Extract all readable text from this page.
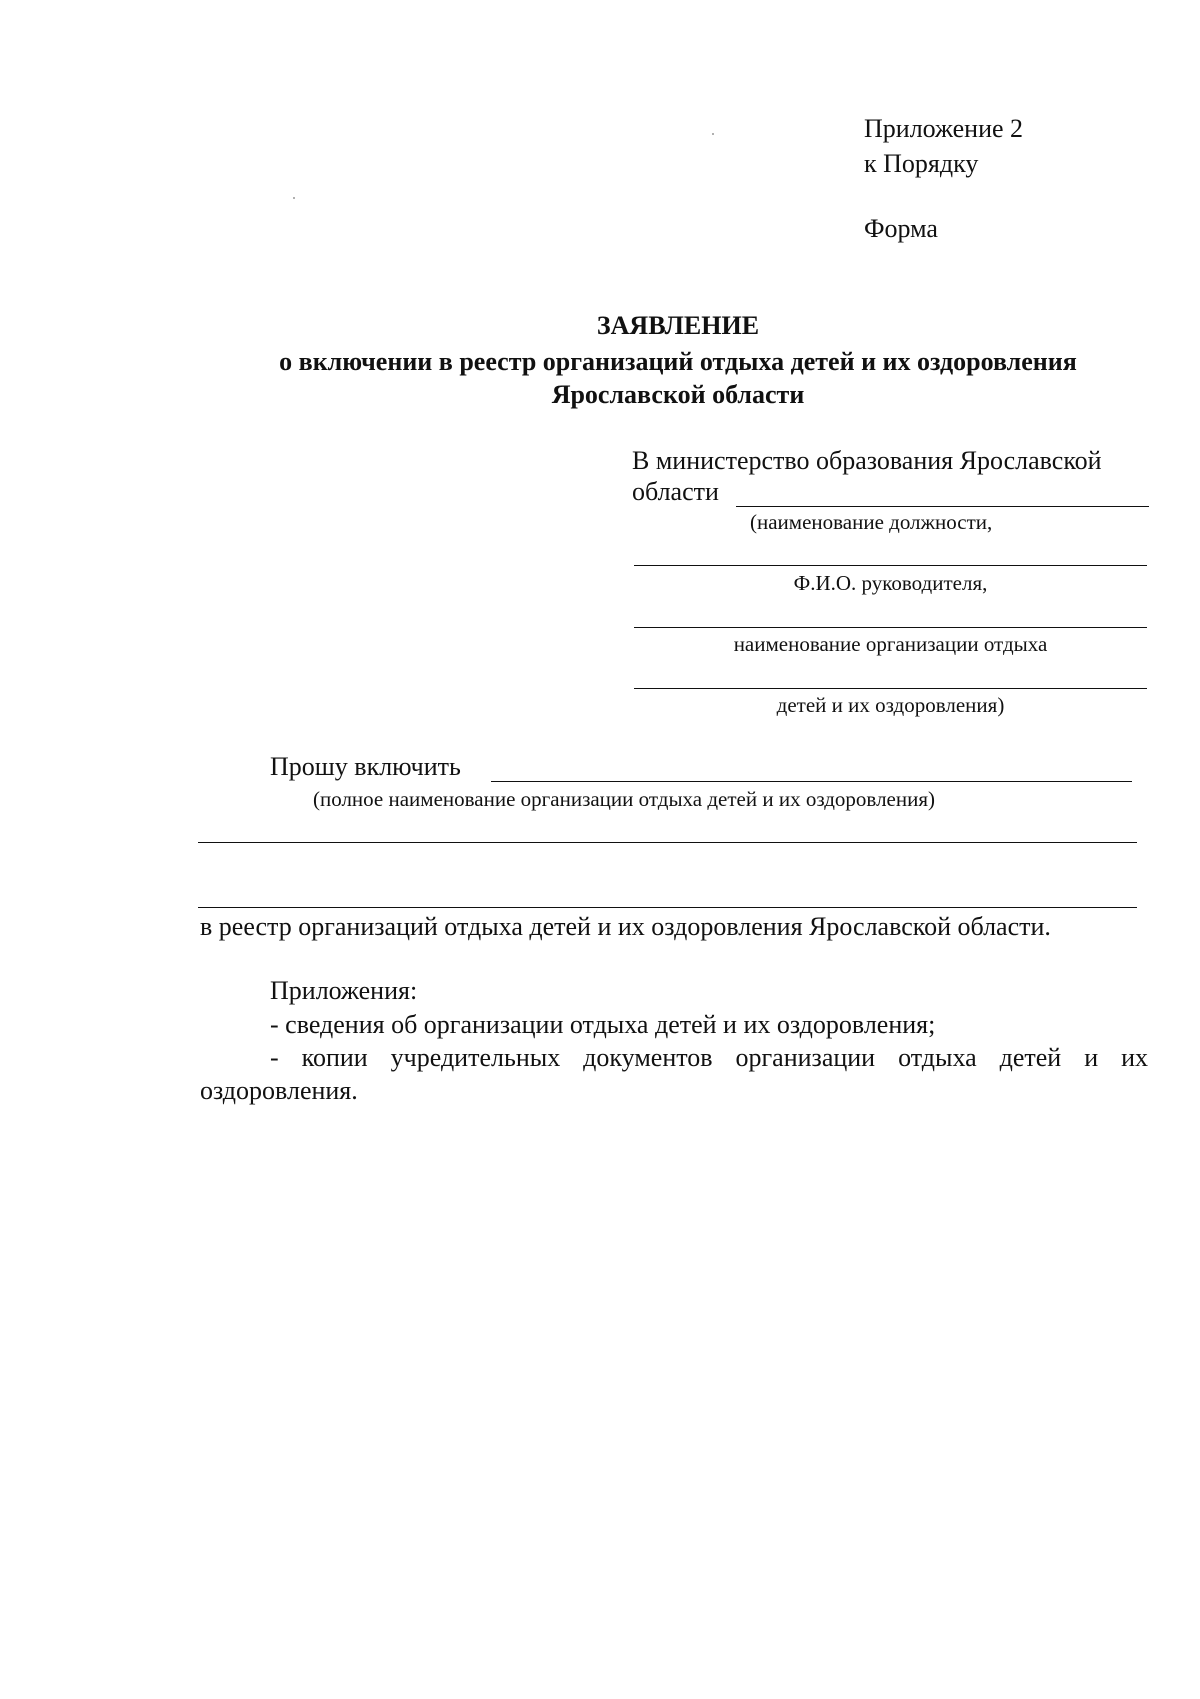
Приложение 2
к Порядку
Форма
ЗАЯВЛЕНИЕ
о включении в реестр организаций отдыха детей и их оздоровления
Ярославской области
В министерство образования Ярославской
области
(наименование должности,
Ф.И.О. руководителя,
наименование организации отдыха
детей и их оздоровления)
Прошу включить
(полное наименование организации отдыха детей и их оздоровления)
в реестр организаций отдыха детей и их оздоровления Ярославской области.
Приложения:
- сведения об организации отдыха детей и их оздоровления;
- копии учредительных документов организации отдыха детей и их
оздоровления.
